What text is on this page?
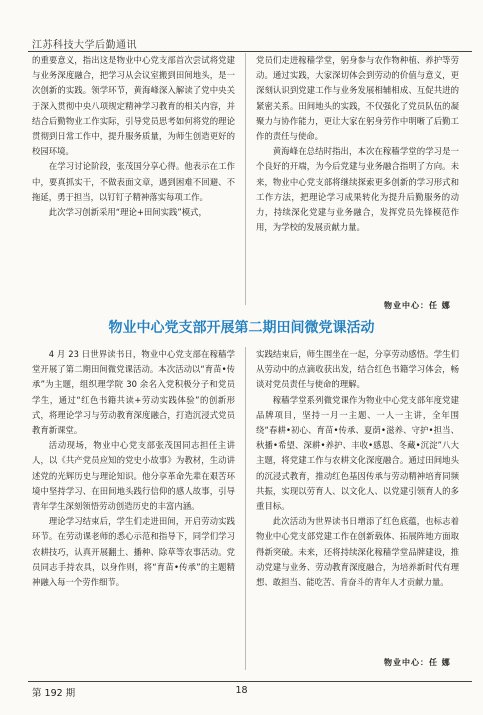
江苏科技大学后勤通讯

的重要意义，指出这是物业中心党支部首次尝试将党建与业务深度融合，把学习从会议室搬到田间地头，是一次创新的实践。领学环节，黄海峰深入解读了党中央关于深入贯彻中央八项规定精神学习教育的相关内容，并结合后勤物业工作实际，引导党员思考如何将党的理论贯彻到日常工作中，提升服务质量，为师生创造更好的校园环境。

在学习讨论阶段，张茂国分享心得。他表示在工作中，要真抓实干，不做表面文章，遇到困难不回避、不拖延，勇于担当，以钉钉子精神落实每项工作。

此次学习创新采用“理论+田间实践”模式，

党员们走进稼穑学堂，躬身参与农作物种植、养护等劳动。通过实践，大家深切体会到劳动的价值与意义，更深刻认识到党建工作与业务发展相辅相成、互促共进的紧密关系。田间地头的实践，不仅强化了党员队伍的凝聚力与协作能力，更让大家在躬身劳作中明晰了后勤工作的责任与使命。

黄海峰在总结时指出，本次在稼穑学堂的学习是一个良好的开端，为今后党建与业务融合指明了方向。未来，物业中心党支部将继续探索更多创新的学习形式和工作方法，把理论学习成果转化为提升后勤服务的动力，持续深化党建与业务融合，发挥党员先锋模范作用，为学校的发展贡献力量。

物业中心：任 娜
物业中心党支部开展第二期田间微党课活动

4 月 23 日世界读书日，物业中心党支部在稼穑学堂开展了第二期田间微党课活动。本次活动以“育苗•传承”为主题，组织理学院 30 余名入党积极分子和党员学生，通过“红色书籍共读+劳动实践体验”的创新形式，将理论学习与劳动教育深度融合，打造沉浸式党员教育新课堂。

活动现场，物业中心党支部张茂国同志担任主讲人，以《共产党员应知的党史小故事》为教材，生动讲述党的光辉历史与理论知识。他分享革命先辈在艰苦环境中坚持学习、在田间地头践行信仰的感人故事，引导青年学生深刻领悟劳动创造历史的丰富内涵。

理论学习结束后，学生们走进田间，开启劳动实践环节。在劳动课老师的悉心示范和指导下，同学们学习农耕技巧，认真开展翻土、播种、除草等农事活动。党员同志手持农具，以身作则，将“育苗•传承”的主题精神融入每一个劳作细节。

实践结束后，师生围坐在一起，分享劳动感悟。学生们从劳动中的点滴收获出发，结合红色书籍学习体会，畅谈对党员责任与使命的理解。

稼穑学堂系列微党课作为物业中心党支部年度党建品牌项目，坚持一月一主题、一人一主讲，全年围绕“春耕•初心、育苗•传承、夏荫•滋养、守护•担当、秋播•希望、深耕•养护、丰收•感恩、冬藏•沉淀”八大主题，将党建工作与农耕文化深度融合。通过田间地头的沉浸式教育，推动红色基因传承与劳动精神培育同频共振，实现以劳育人、以文化人、以党建引领育人的多重目标。

此次活动为世界读书日增添了红色底蕴，也标志着物业中心党支部党建工作在创新载体、拓展阵地方面取得新突破。未来，还将持续深化稼穑学堂品牌建设，推动党建与业务、劳动教育深度融合，为培养新时代有理想、敢担当、能吃苦、肯奋斗的青年人才贡献力量。

物业中心：任 娜
第 192 期	18
